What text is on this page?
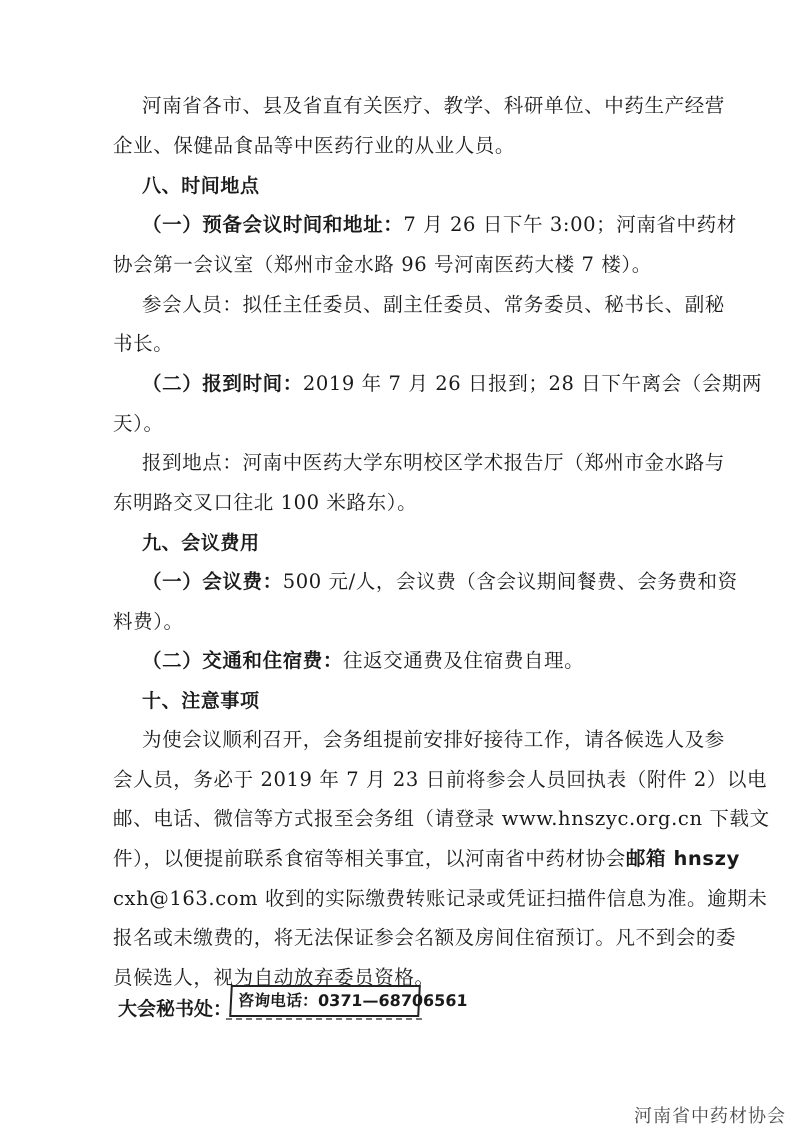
河南省各市、县及省直有关医疗、教学、科研单位、中药生产经营
企业、保健品食品等中医药行业的从业人员。
八、时间地点
（一）预备会议时间和地址：7 月 26 日下午 3:00；河南省中药材
协会第一会议室（郑州市金水路 96 号河南医药大楼 7 楼）。
参会人员：拟任主任委员、副主任委员、常务委员、秘书长、副秘
书长。
（二）报到时间：2019 年 7 月 26 日报到；28 日下午离会（会期两
天）。
报到地点：河南中医药大学东明校区学术报告厅（郑州市金水路与
东明路交叉口往北 100 米路东）。
九、会议费用
（一）会议费：500 元/人，会议费（含会议期间餐费、会务费和资
料费）。
（二）交通和住宿费：往返交通费及住宿费自理。
十、注意事项
为使会议顺利召开，会务组提前安排好接待工作，请各候选人及参
会人员，务必于 2019 年 7 月 23 日前将参会人员回执表（附件 2）以电
邮、电话、微信等方式报至会务组（请登录 www.hnszyc.org.cn 下载文
件），以便提前联系食宿等相关事宜，以河南省中药材协会邮箱 hnszy
cxh@163.com 收到的实际缴费转账记录或凭证扫描件信息为准。逾期未
报名或未缴费的，将无法保证参会名额及房间住宿预订。凡不到会的委
员候选人，视为自动放弃委员资格。
大会秘书处： 咨询电话：0371—68706561
河南省中药材协会
